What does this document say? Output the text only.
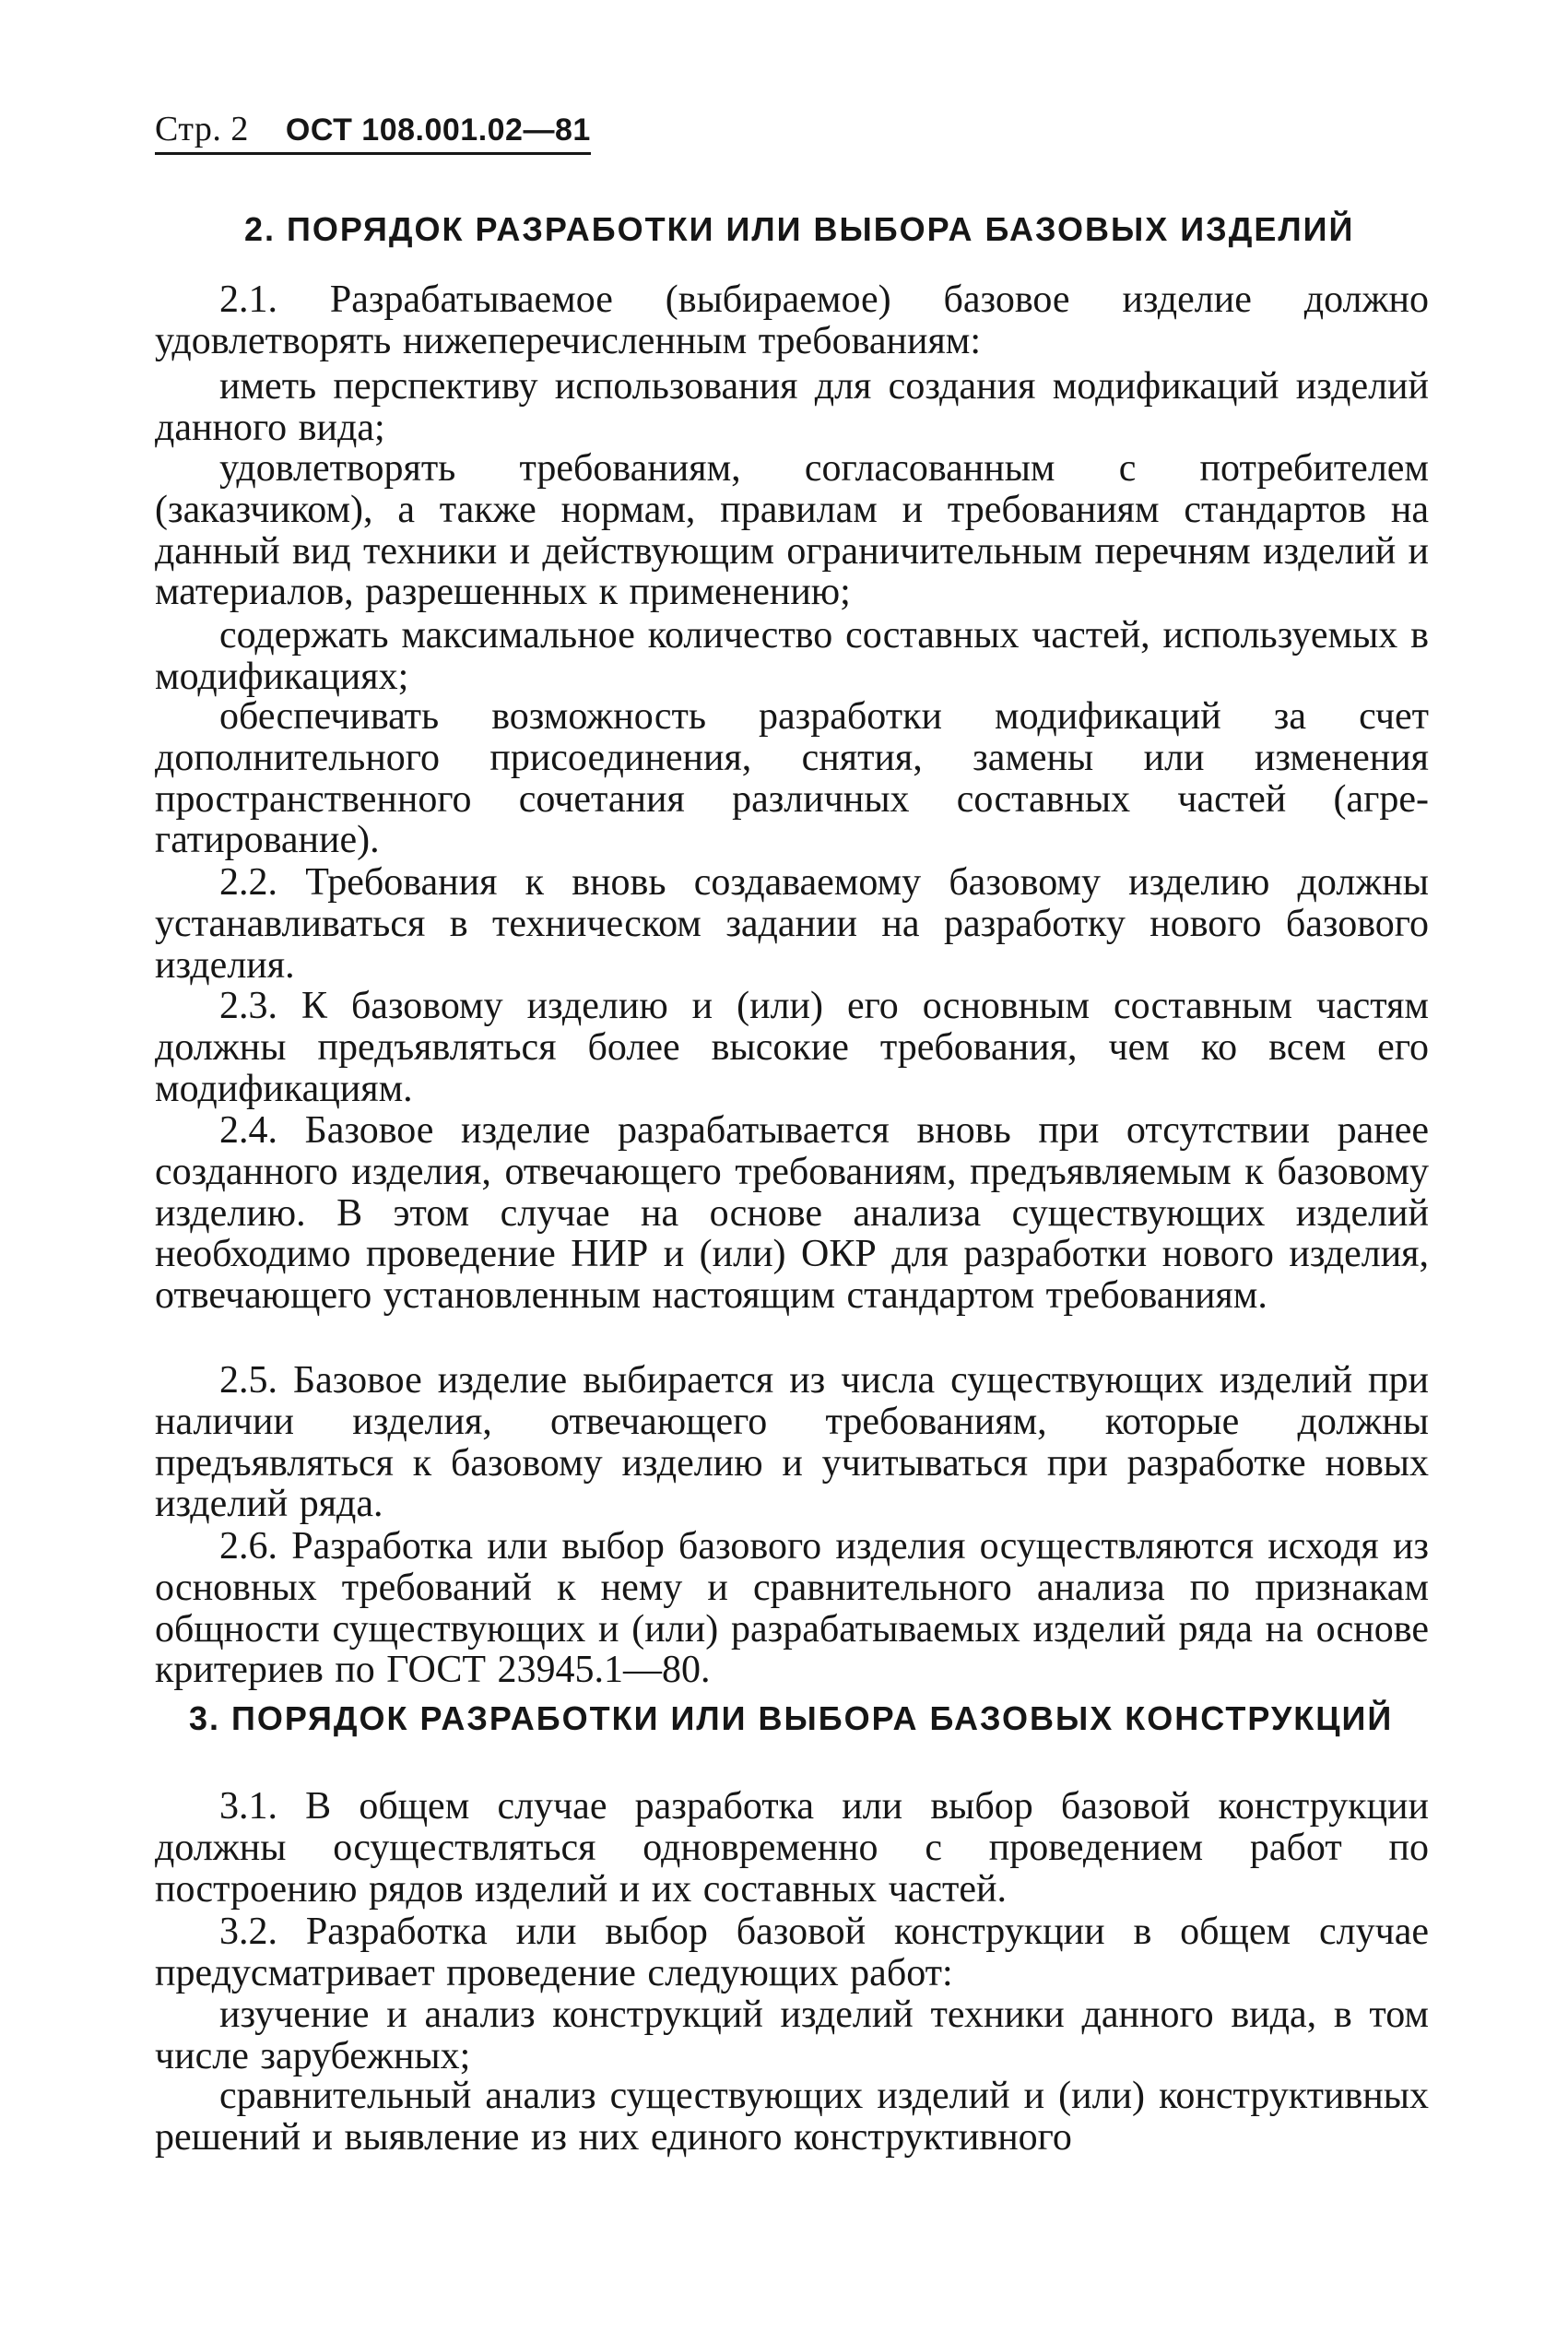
Стр. 2 ОСТ 108.001.02—81
2. ПОРЯДОК РАЗРАБОТКИ ИЛИ ВЫБОРА БАЗОВЫХ ИЗДЕЛИЙ
2.1. Разрабатываемое (выбираемое) базовое изделие должно удовлетворять нижеперечисленным требованиям:
иметь перспективу использования для создания модификаций изделий данного вида;
удовлетворять требованиям, согласованным с потребителем (заказчиком), а также нормам, правилам и требованиям стандартов на данный вид техники и действующим ограничительным перечням изделий и материалов, разрешенных к применению;
содержать максимальное количество составных частей, используемых в модификациях;
обеспечивать возможность разработки модификаций за счет дополнительного присоединения, снятия, замены или изменения пространственного сочетания различных составных частей (агрегатирование).
2.2. Требования к вновь создаваемому базовому изделию должны устанавливаться в техническом задании на разработку нового базового изделия.
2.3. К базовому изделию и (или) его основным составным частям должны предъявляться более высокие требования, чем ко всем его модификациям.
2.4. Базовое изделие разрабатывается вновь при отсутствии ранее созданного изделия, отвечающего требованиям, предъявляемым к базовому изделию. В этом случае на основе анализа существующих изделий необходимо проведение НИР и (или) ОКР для разработки нового изделия, отвечающего установленным настоящим стандартом требованиям.
2.5. Базовое изделие выбирается из числа существующих изделий при наличии изделия, отвечающего требованиям, которые должны предъявляться к базовому изделию и учитываться при разработке новых изделий ряда.
2.6. Разработка или выбор базового изделия осуществляются исходя из основных требований к нему и сравнительного анализа по признакам общности существующих и (или) разрабатываемых изделий ряда на основе критериев по ГОСТ 23945.1—80.
3. ПОРЯДОК РАЗРАБОТКИ ИЛИ ВЫБОРА БАЗОВЫХ КОНСТРУКЦИЙ
3.1. В общем случае разработка или выбор базовой конструкции должны осуществляться одновременно с проведением работ по построению рядов изделий и их составных частей.
3.2. Разработка или выбор базовой конструкции в общем случае предусматривает проведение следующих работ:
изучение и анализ конструкций изделий техники данного вида, в том числе зарубежных;
сравнительный анализ существующих изделий и (или) конструктивных решений и выявление из них единого конструктивного
